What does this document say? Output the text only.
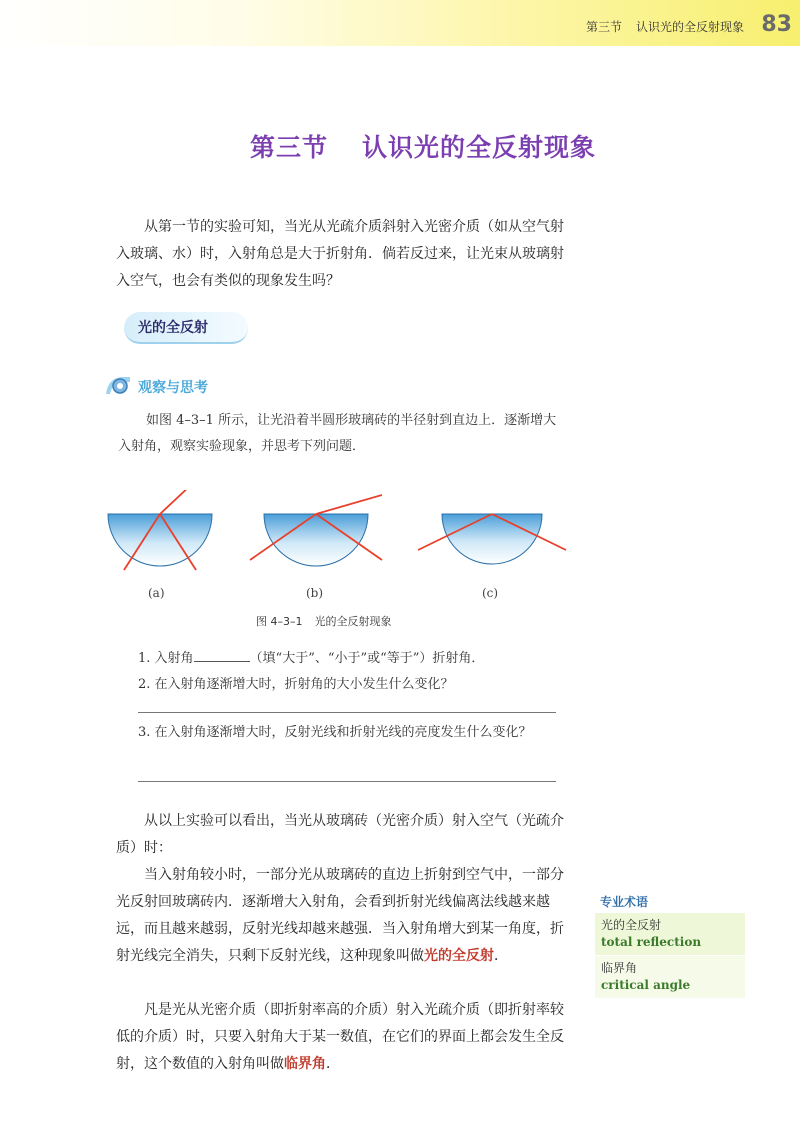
第三节 认识光的全反射现象 83
第三节 认识光的全反射现象

从第一节的实验可知，当光从光疏介质斜射入光密介质（如从空气射入玻璃、水）时，入射角总是大于折射角．倘若反过来，让光束从玻璃射入空气，也会有类似的现象发生吗？

光的全反射
观察与思考

如图 4–3–1 所示，让光沿着半圆形玻璃砖的半径射到直边上．逐渐增大入射角，观察实验现象，并思考下列问题．

(a)	(b)	(c)
图 4–3–1 光的全反射现象
1. 入射角	（填“大于”、“小于”或“等于”）折射角．
2. 在入射角逐渐增大时，折射角的大小发生什么变化？
3. 在入射角逐渐增大时，反射光线和折射光线的亮度发生什么变化？

从以上实验可以看出，当光从玻璃砖（光密介质）射入空气（光疏介质）时：

当入射角较小时，一部分光从玻璃砖的直边上折射到空气中，一部分光反射回玻璃砖内．逐渐增大入射角，会看到折射光线偏离法线越来越远，而且越来越弱，反射光线却越来越强．当入射角增大到某一角度，折射光线完全消失，只剩下反射光线，这种现象叫做光的全反射．

凡是光从光密介质（即折射率高的介质）射入光疏介质（即折射率较低的介质）时，只要入射角大于某一数值，在它们的界面上都会发生全反射，这个数值的入射角叫做临界角．

专业术语
光的全反射
total reflection
临界角
critical angle
